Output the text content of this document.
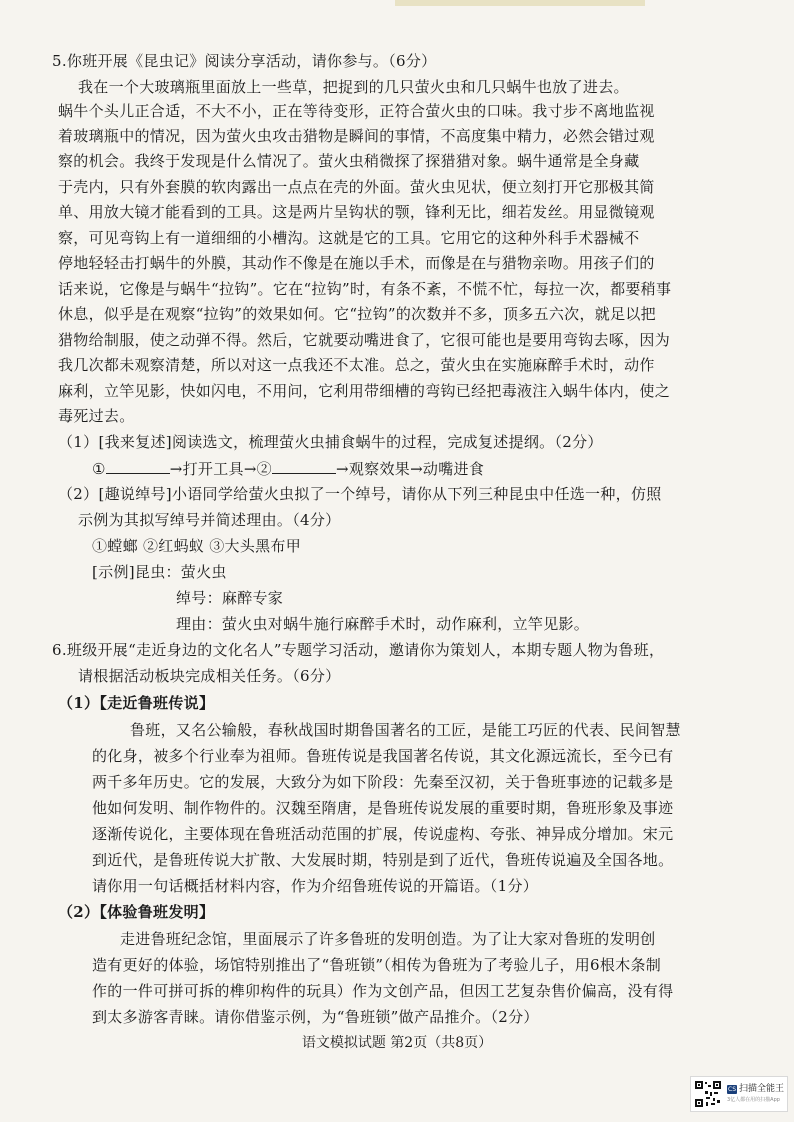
5.你班开展《昆虫记》阅读分享活动，请你参与。（6分）
我在一个大玻璃瓶里面放上一些草，把捉到的几只萤火虫和几只蜗牛也放了进去。
蜗牛个头儿正合适，不大不小，正在等待变形，正符合萤火虫的口味。我寸步不离地监视
着玻璃瓶中的情况，因为萤火虫攻击猎物是瞬间的事情，不高度集中精力，必然会错过观
察的机会。我终于发现是什么情况了。萤火虫稍微探了探猎猎对象。蜗牛通常是全身藏
于壳内，只有外套膜的软肉露出一点点在壳的外面。萤火虫见状，便立刻打开它那极其简
单、用放大镜才能看到的工具。这是两片呈钩状的颚，锋利无比，细若发丝。用显微镜观
察，可见弯钩上有一道细细的小槽沟。这就是它的工具。它用它的这种外科手术器械不
停地轻轻击打蜗牛的外膜，其动作不像是在施以手术，而像是在与猎物亲吻。用孩子们的
话来说，它像是与蜗牛“拉钩”。它在“拉钩”时，有条不紊，不慌不忙，每拉一次，都要稍事
休息，似乎是在观察“拉钩”的效果如何。它“拉钩”的次数并不多，顶多五六次，就足以把
猎物给制服，使之动弹不得。然后，它就要动嘴进食了，它很可能也是要用弯钩去啄，因为
我几次都未观察清楚，所以对这一点我还不太准。总之，萤火虫在实施麻醉手术时，动作
麻利，立竿见影，快如闪电，不用问，它利用带细槽的弯钩已经把毒液注入蜗牛体内，使之
毒死过去。
（1）[我来复述]阅读选文，梳理萤火虫捕食蜗牛的过程，完成复述提纲。（2分）
①	→打开工具→②	→观察效果→动嘴进食
（2）[趣说绰号]小语同学给萤火虫拟了一个绰号，请你从下列三种昆虫中任选一种，仿照
示例为其拟写绰号并简述理由。（4分）
①螳螂 ②红蚂蚁 ③大头黑布甲
[示例]昆虫：萤火虫
绰号：麻醉专家
理由：萤火虫对蜗牛施行麻醉手术时，动作麻利，立竿见影。
6.班级开展“走近身边的文化名人”专题学习活动，邀请你为策划人，本期专题人物为鲁班，
请根据活动板块完成相关任务。（6分）
（1）【走近鲁班传说】
鲁班，又名公输般，春秋战国时期鲁国著名的工匠，是能工巧匠的代表、民间智慧
的化身，被多个行业奉为祖师。鲁班传说是我国著名传说，其文化源远流长，至今已有
两千多年历史。它的发展，大致分为如下阶段：先秦至汉初，关于鲁班事迹的记载多是
他如何发明、制作物件的。汉魏至隋唐，是鲁班传说发展的重要时期，鲁班形象及事迹
逐渐传说化，主要体现在鲁班活动范围的扩展，传说虚构、夸张、神异成分增加。宋元
到近代，是鲁班传说大扩散、大发展时期，特别是到了近代，鲁班传说遍及全国各地。
请你用一句话概括材料内容，作为介绍鲁班传说的开篇语。（1分）
（2）【体验鲁班发明】
走进鲁班纪念馆，里面展示了许多鲁班的发明创造。为了让大家对鲁班的发明创
造有更好的体验，场馆特别推出了“鲁班锁”（相传为鲁班为了考验儿子，用6根木条制
作的一件可拼可拆的榫卯构件的玩具）作为文创产品，但因工艺复杂售价偏高，没有得
到太多游客青睐。请你借鉴示例，为“鲁班锁”做产品推介。（2分）
语文模拟试题 第2页（共8页）
CS 扫描全能王
3亿人都在用的扫描App
